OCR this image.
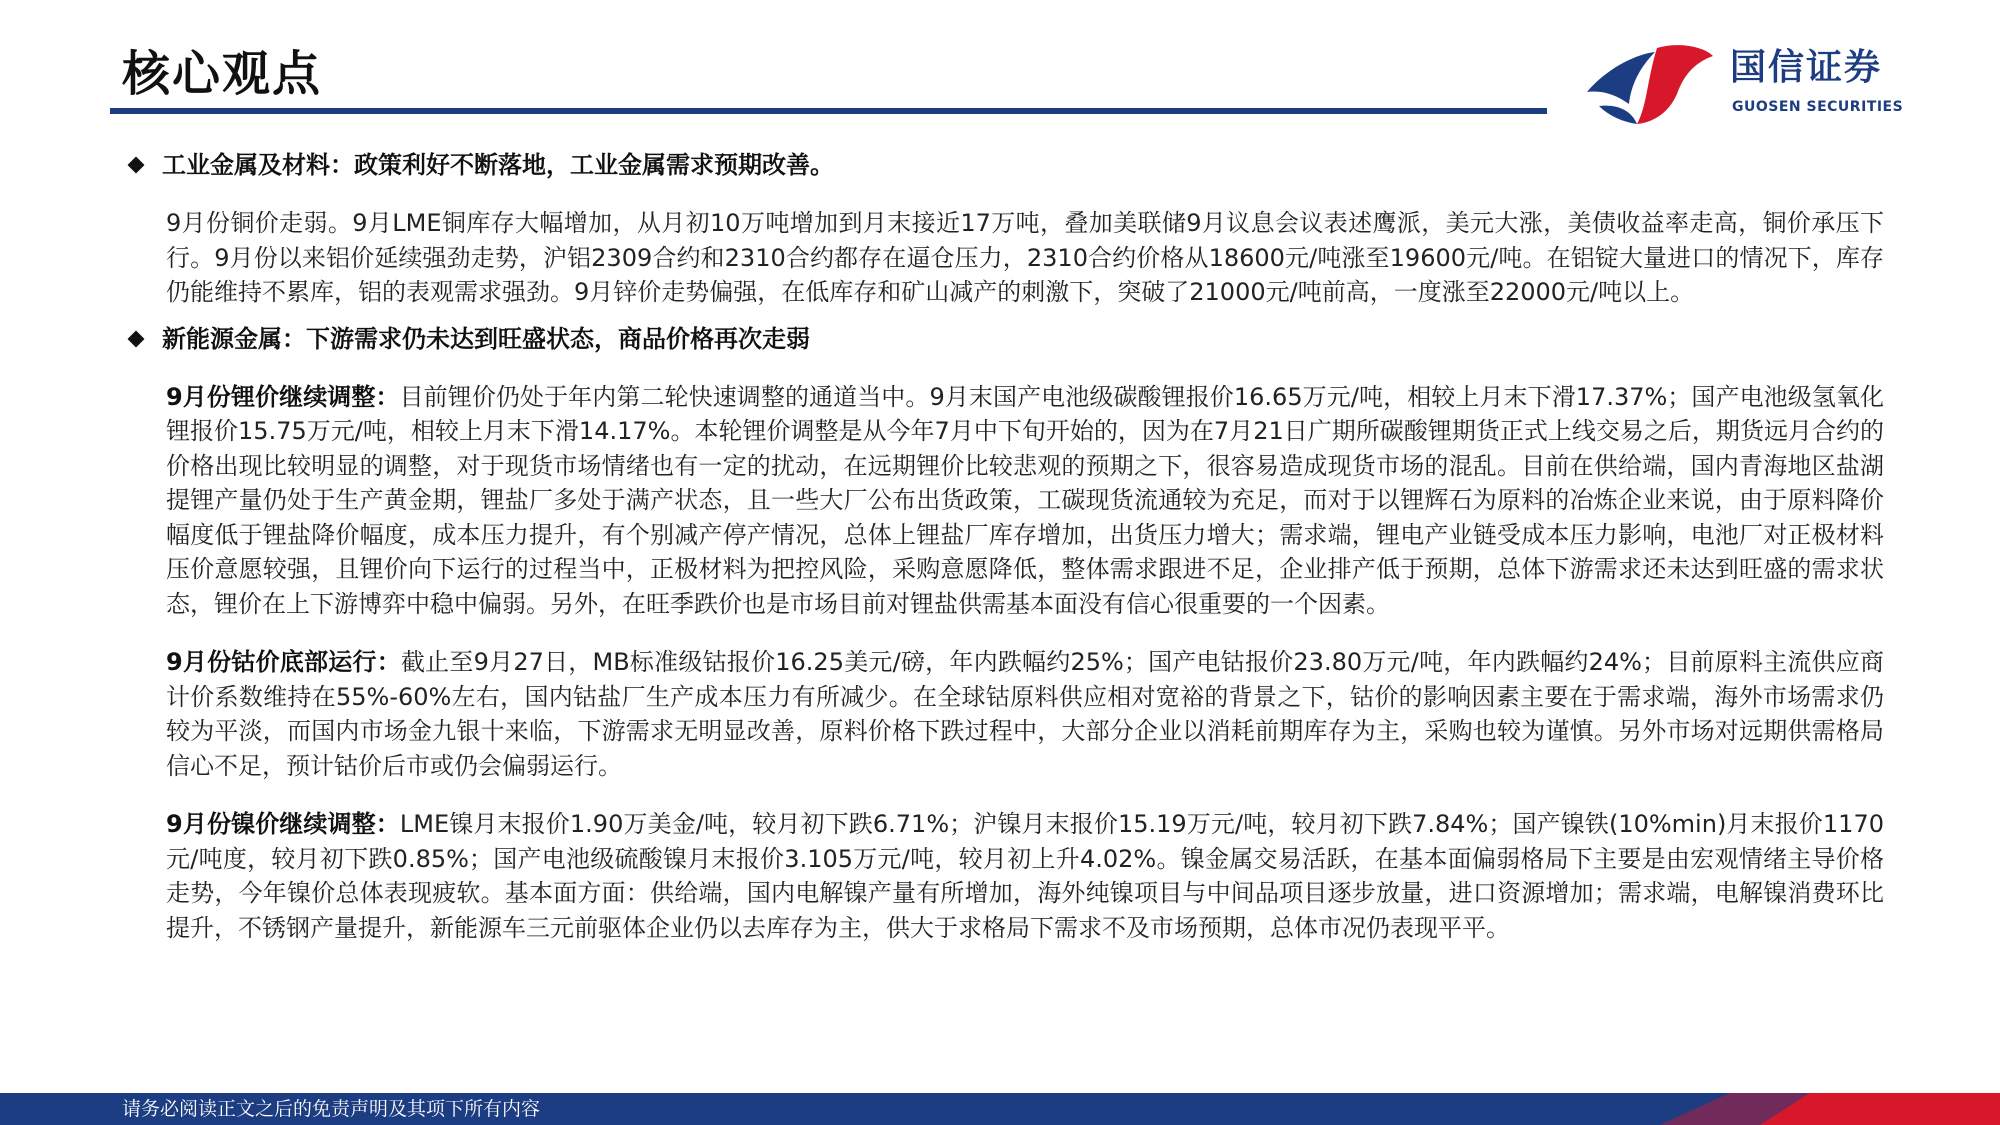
核心观点	国信证券
GUOSEN SECURITIES
工业金属及材料：政策利好不断落地，工业金属需求预期改善。

9月份铜价走弱。9月LME铜库存大幅增加，从月初10万吨增加到月末接近17万吨，叠加美联储9月议息会议表述鹰派，美元大涨，美债收益率走高，铜价承压下行。9月份以来铝价延续强劲走势，沪铝2309合约和2310合约都存在逼仓压力，2310合约价格从18600元/吨涨至19600元/吨。在铝锭大量进口的情况下，库存仍能维持不累库，铝的表观需求强劲。9月锌价走势偏强，在低库存和矿山减产的刺激下，突破了21000元/吨前高，一度涨至22000元/吨以上。

新能源金属：下游需求仍未达到旺盛状态，商品价格再次走弱

9月份锂价继续调整：目前锂价仍处于年内第二轮快速调整的通道当中。9月末国产电池级碳酸锂报价16.65万元/吨，相较上月末下滑17.37%；国产电池级氢氧化锂报价15.75万元/吨，相较上月末下滑14.17%。本轮锂价调整是从今年7月中下旬开始的，因为在7月21日广期所碳酸锂期货正式上线交易之后，期货远月合约的价格出现比较明显的调整，对于现货市场情绪也有一定的扰动，在远期锂价比较悲观的预期之下，很容易造成现货市场的混乱。目前在供给端，国内青海地区盐湖提锂产量仍处于生产黄金期，锂盐厂多处于满产状态，且一些大厂公布出货政策，工碳现货流通较为充足，而对于以锂辉石为原料的冶炼企业来说，由于原料降价幅度低于锂盐降价幅度，成本压力提升，有个别减产停产情况，总体上锂盐厂库存增加，出货压力增大；需求端，锂电产业链受成本压力影响，电池厂对正极材料压价意愿较强，且锂价向下运行的过程当中，正极材料为把控风险，采购意愿降低，整体需求跟进不足，企业排产低于预期，总体下游需求还未达到旺盛的需求状态，锂价在上下游博弈中稳中偏弱。另外，在旺季跌价也是市场目前对锂盐供需基本面没有信心很重要的一个因素。

9月份钴价底部运行：截止至9月27日，MB标准级钴报价16.25美元/磅，年内跌幅约25%；国产电钴报价23.80万元/吨，年内跌幅约24%；目前原料主流供应商计价系数维持在55%-60%左右，国内钴盐厂生产成本压力有所减少。在全球钴原料供应相对宽裕的背景之下，钴价的影响因素主要在于需求端，海外市场需求仍较为平淡，而国内市场金九银十来临，下游需求无明显改善，原料价格下跌过程中，大部分企业以消耗前期库存为主，采购也较为谨慎。另外市场对远期供需格局信心不足，预计钴价后市或仍会偏弱运行。

9月份镍价继续调整：LME镍月末报价1.90万美金/吨，较月初下跌6.71%；沪镍月末报价15.19万元/吨，较月初下跌7.84%；国产镍铁(10%min)月末报价1170元/吨度，较月初下跌0.85%；国产电池级硫酸镍月末报价3.105万元/吨，较月初上升4.02%。镍金属交易活跃，在基本面偏弱格局下主要是由宏观情绪主导价格走势，今年镍价总体表现疲软。基本面方面：供给端，国内电解镍产量有所增加，海外纯镍项目与中间品项目逐步放量，进口资源增加；需求端，电解镍消费环比提升，不锈钢产量提升，新能源车三元前驱体企业仍以去库存为主，供大于求格局下需求不及市场预期，总体市况仍表现平平。

请务必阅读正文之后的免责声明及其项下所有内容
